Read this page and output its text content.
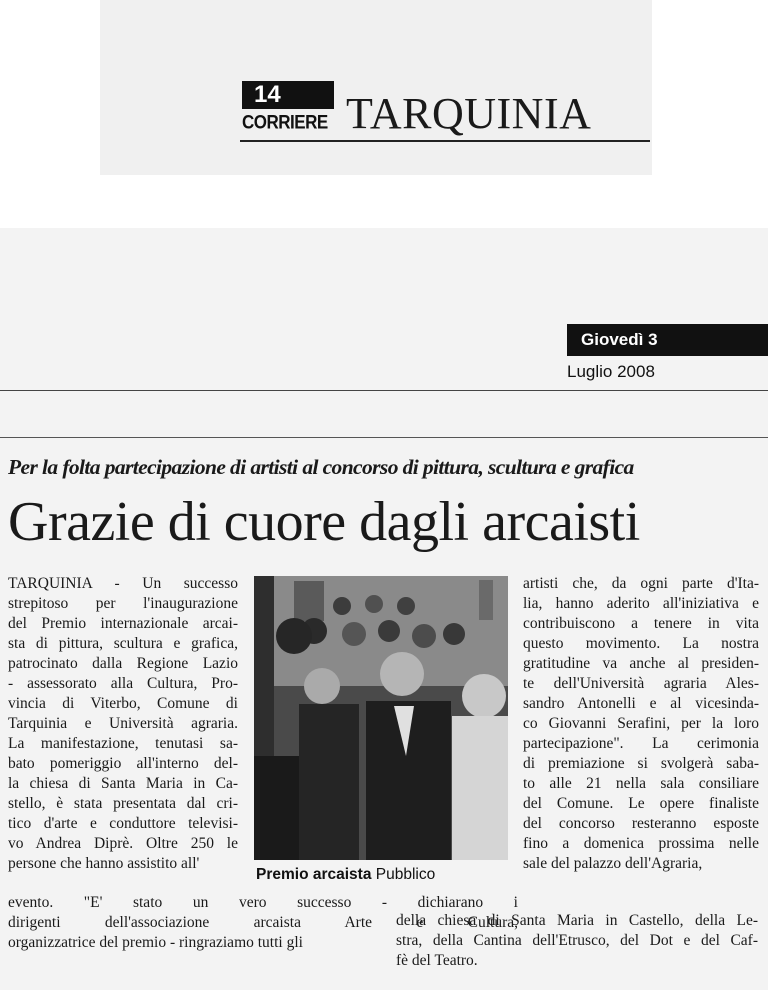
14
CORRIERE TARQUINIA
Giovedì 3
Luglio 2008
Per la folta partecipazione di artisti al concorso di pittura, scultura e grafica
Grazie di cuore dagli arcaisti
TARQUINIA - Un successo
strepitoso per l'inaugurazione
del Premio internazionale arcai-
sta di pittura, scultura e grafica,
patrocinato dalla Regione Lazio
- assessorato alla Cultura, Pro-
vincia di Viterbo, Comune di
Tarquinia e Università agraria.
La manifestazione, tenutasi sa-
bato pomeriggio all'interno del-
la chiesa di Santa Maria in Ca-
stello, è stata presentata dal cri-
tico d'arte e conduttore televisi-
vo Andrea Diprè. Oltre 250 le
persone che hanno assistito all'
Premio arcaista Pubblico
artisti che, da ogni parte d'Ita-
lia, hanno aderito all'iniziativa e
contribuiscono a tenere in vita
questo movimento. La nostra
gratitudine va anche al presiden-
te dell'Università agraria Ales-
sandro Antonelli e al vicesinda-
co Giovanni Serafini, per la loro
partecipazione". La cerimonia
di premiazione si svolgerà saba-
to alle 21 nella sala consiliare
del Comune. Le opere finaliste
del concorso resteranno esposte
fino a domenica prossima nelle
sale del palazzo dell'Agraria,
evento. "E' stato un vero successo - dichiarano i
dirigenti dell'associazione arcaista Arte e Cultura,
organizzatrice del premio - ringraziamo tutti gli
della chiesa di Santa Maria in Castello, della Le-
stra, della Cantina dell'Etrusco, del Dot e del Caf-
fè del Teatro.
